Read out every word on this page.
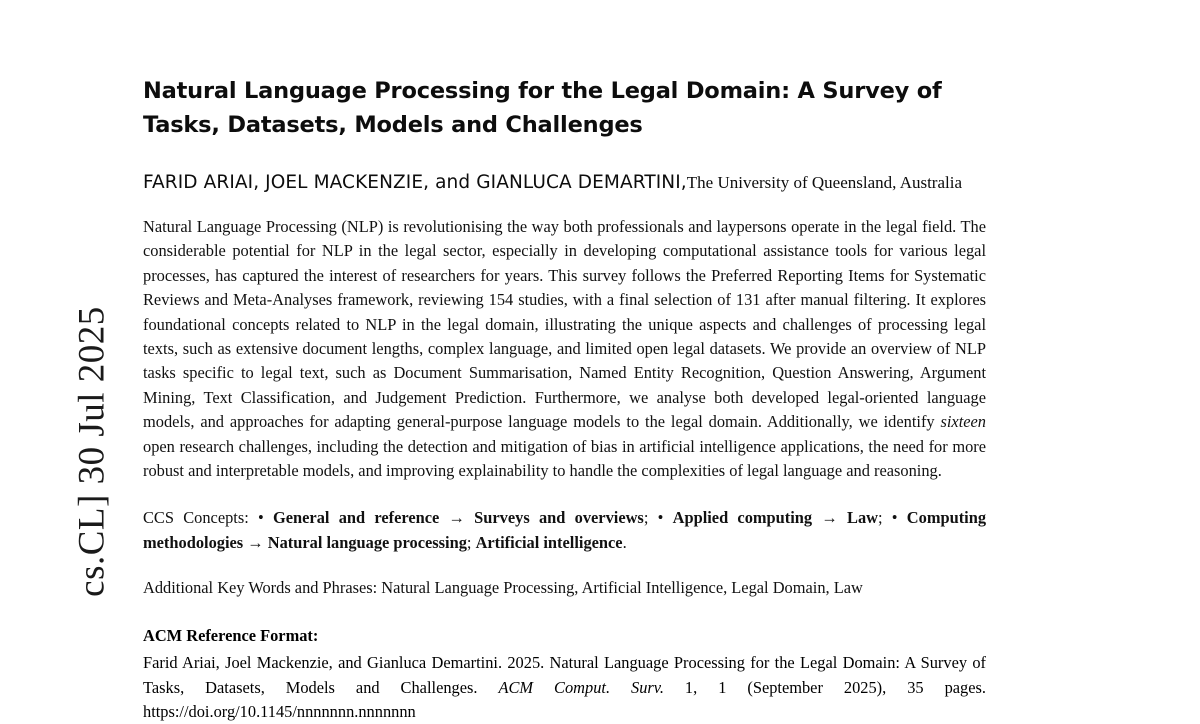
cs.CL] 30 Jul 2025
Natural Language Processing for the Legal Domain: A Survey of Tasks, Datasets, Models and Challenges
FARID ARIAI, JOEL MACKENZIE, and GIANLUCA DEMARTINI,The University of Queensland, Australia
Natural Language Processing (NLP) is revolutionising the way both professionals and laypersons operate in the legal field. The considerable potential for NLP in the legal sector, especially in developing computational assistance tools for various legal processes, has captured the interest of researchers for years. This survey follows the Preferred Reporting Items for Systematic Reviews and Meta-Analyses framework, reviewing 154 studies, with a final selection of 131 after manual filtering. It explores foundational concepts related to NLP in the legal domain, illustrating the unique aspects and challenges of processing legal texts, such as extensive document lengths, complex language, and limited open legal datasets. We provide an overview of NLP tasks specific to legal text, such as Document Summarisation, Named Entity Recognition, Question Answering, Argument Mining, Text Classification, and Judgement Prediction. Furthermore, we analyse both developed legal-oriented language models, and approaches for adapting general-purpose language models to the legal domain. Additionally, we identify sixteen open research challenges, including the detection and mitigation of bias in artificial intelligence applications, the need for more robust and interpretable models, and improving explainability to handle the complexities of legal language and reasoning.
CCS Concepts: • General and reference → Surveys and overviews; • Applied computing → Law; • Computing methodologies → Natural language processing; Artificial intelligence.
Additional Key Words and Phrases: Natural Language Processing, Artificial Intelligence, Legal Domain, Law
ACM Reference Format:
Farid Ariai, Joel Mackenzie, and Gianluca Demartini. 2025. Natural Language Processing for the Legal Domain: A Survey of Tasks, Datasets, Models and Challenges. ACM Comput. Surv. 1, 1 (September 2025), 35 pages. https://doi.org/10.1145/nnnnnnn.nnnnnnn
